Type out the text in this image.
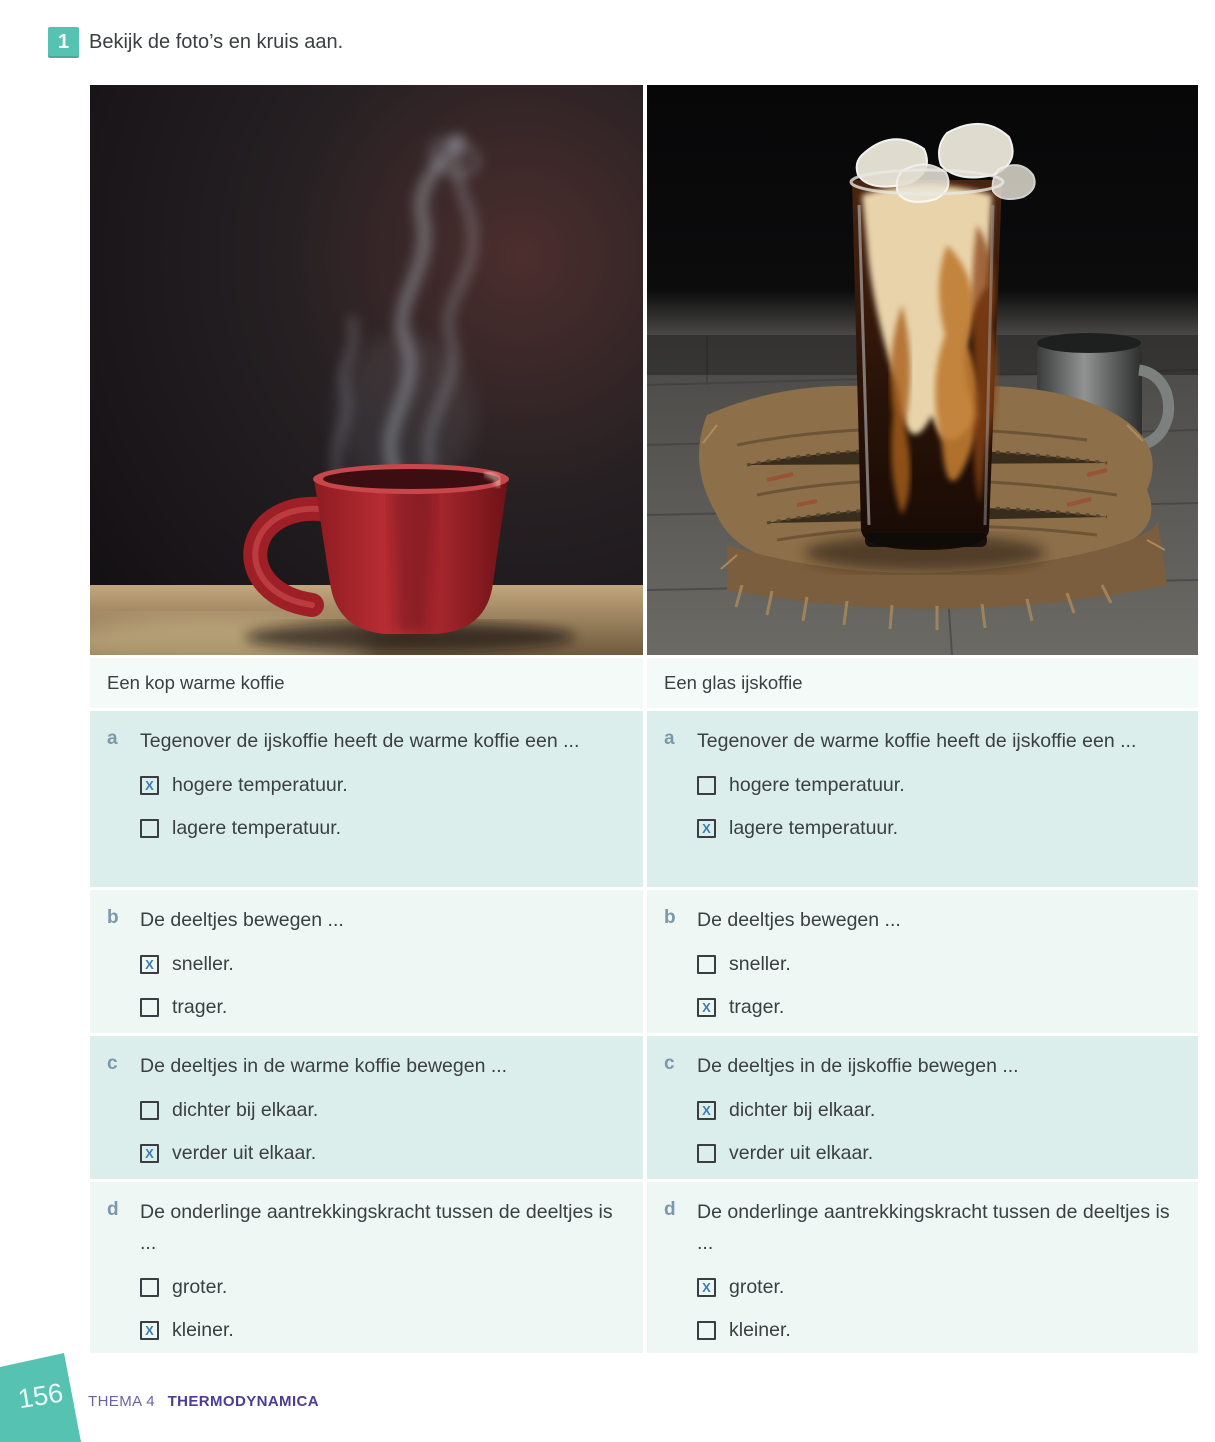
1 Bekijk de foto’s en kruis aan.
Een kop warme koffie	Een glas ijskoffie
a	Tegenover de ijskoffie heeft de warme koffie een ...
X hogere temperatuur.
lagere temperatuur.
a	Tegenover de warme koffie heeft de ijskoffie een ...
hogere temperatuur.
X lagere temperatuur.
b	De deeltjes bewegen ...
X sneller.
trager.
b	De deeltjes bewegen ...
sneller.
X trager.
c	De deeltjes in de warme koffie bewegen ...
dichter bij elkaar.
X verder uit elkaar.
c	De deeltjes in de ijskoffie bewegen ...
X dichter bij elkaar.
verder uit elkaar.
d	De onderlinge aantrekkingskracht tussen de deeltjes is ...
groter.
X kleiner.
d	De onderlinge aantrekkingskracht tussen de deeltjes is ...
X groter.
kleiner.
156 THEMA 4 THERMODYNAMICA
